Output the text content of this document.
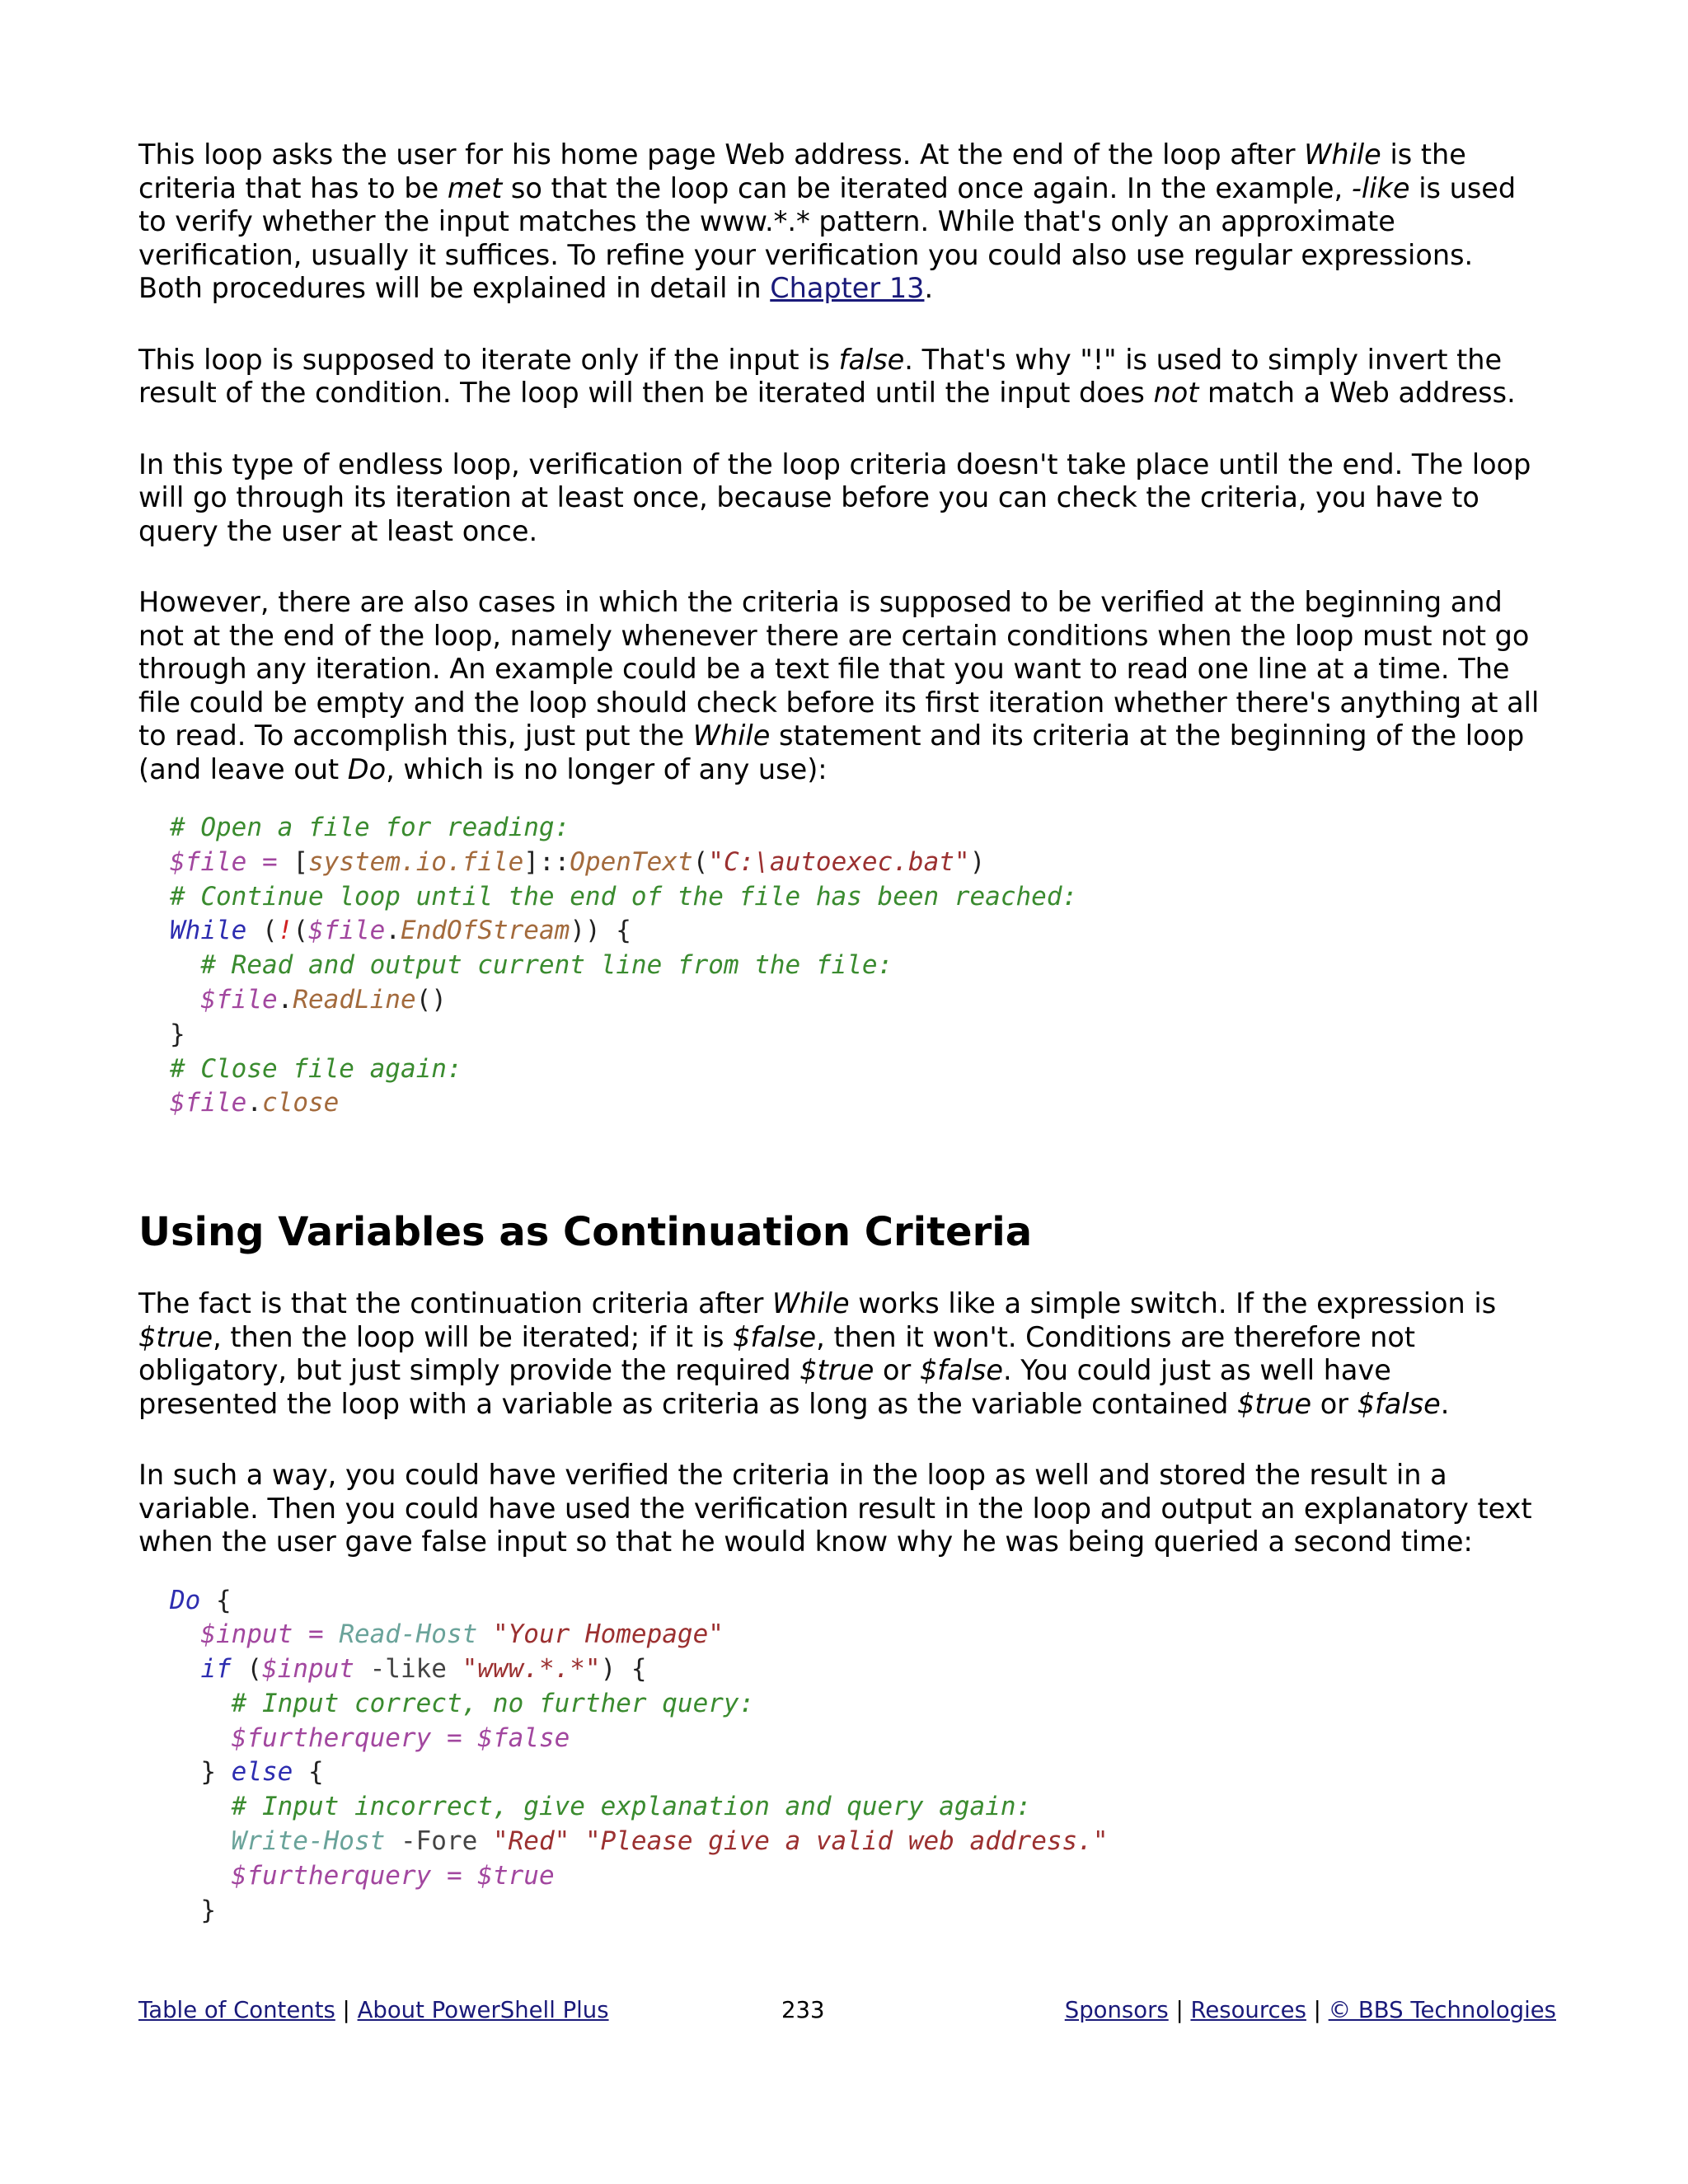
This loop asks the user for his home page Web address. At the end of the loop after While is the
criteria that has to be met so that the loop can be iterated once again. In the example, -like is used
to verify whether the input matches the www.*.* pattern. While that's only an approximate
verification, usually it suffices. To refine your verification you could also use regular expressions.
Both procedures will be explained in detail in Chapter 13.

This loop is supposed to iterate only if the input is false. That's why "!" is used to simply invert the
result of the condition. The loop will then be iterated until the input does not match a Web address.

In this type of endless loop, verification of the loop criteria doesn't take place until the end. The loop
will go through its iteration at least once, because before you can check the criteria, you have to
query the user at least once.

However, there are also cases in which the criteria is supposed to be verified at the beginning and
not at the end of the loop, namely whenever there are certain conditions when the loop must not go
through any iteration. An example could be a text file that you want to read one line at a time. The
file could be empty and the loop should check before its first iteration whether there's anything at all
to read. To accomplish this, just put the While statement and its criteria at the beginning of the loop
(and leave out Do, which is no longer of any use):

# Open a file for reading:
$file = [system.io.file]::OpenText("C:\autoexec.bat")
# Continue loop until the end of the file has been reached:
While (!($file.EndOfStream)) {
# Read and output current line from the file:
$file.ReadLine()
}
# Close file again:
$file.close
Using Variables as Continuation Criteria

The fact is that the continuation criteria after While works like a simple switch. If the expression is
$true, then the loop will be iterated; if it is $false, then it won't. Conditions are therefore not
obligatory, but just simply provide the required $true or $false. You could just as well have
presented the loop with a variable as criteria as long as the variable contained $true or $false.

In such a way, you could have verified the criteria in the loop as well and stored the result in a
variable. Then you could have used the verification result in the loop and output an explanatory text
when the user gave false input so that he would know why he was being queried a second time:

Do {
$input = Read-Host "Your Homepage"
if ($input -like "www.*.*") {
# Input correct, no further query:
$furtherquery = $false
} else {
# Input incorrect, give explanation and query again:
Write-Host -Fore "Red" "Please give a valid web address."
$furtherquery = $true
}
Table of Contents | About PowerShell Plus	233	Sponsors | Resources | © BBS Technologies
